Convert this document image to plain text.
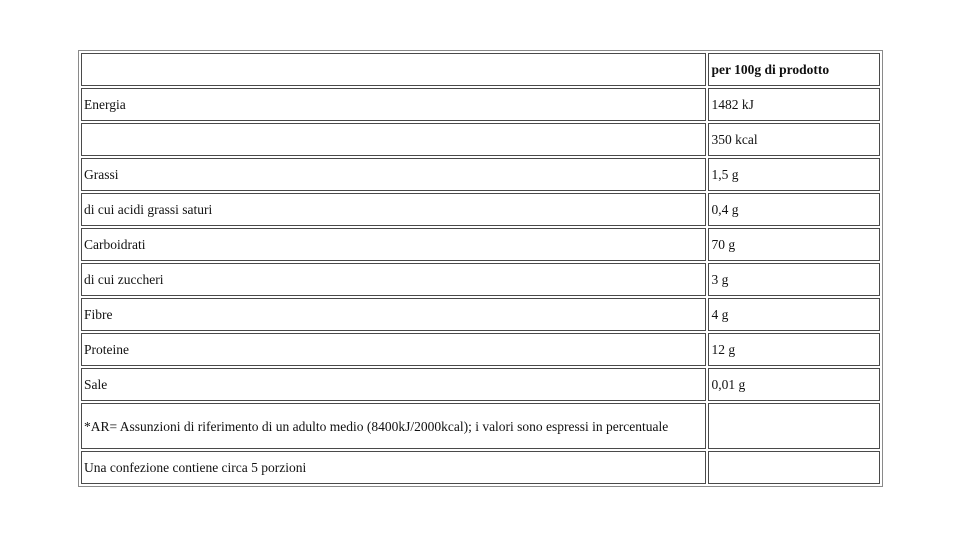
	per 100g di prodotto
Energia	1482 kJ
	350 kcal
Grassi	1,5 g
di cui acidi grassi saturi	0,4 g
Carboidrati	70 g
di cui zuccheri	3 g
Fibre	4 g
Proteine	12 g
Sale	0,01 g
*AR= Assunzioni di riferimento di un adulto medio (8400kJ/2000kcal); i valori sono espressi in percentuale	
Una confezione contiene circa 5 porzioni	
